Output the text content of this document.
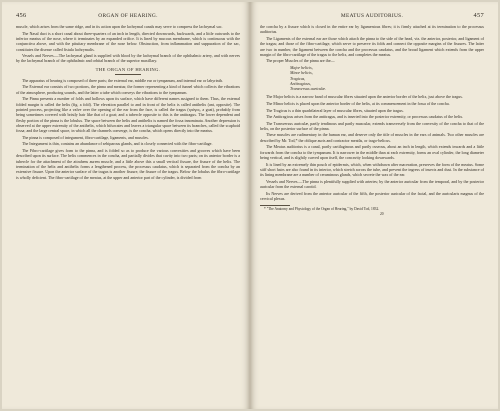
456	ORGAN OF HEARING.

muscle, which arises from the same ridge, and in its action upon the lachrymal canals may serve to compress the lachrymal sac.

The Nasal duct is a short canal about three-quarters of an inch in length, directed downwards, backwards, and a little outwards to the inferior meatus of the nose, where it terminates by an expanded orifice. It is lined by mucous membrane, which is continuous with the conjunctiva above, and with the pituitary membrane of the nose below. Obstruction, from inflammation and suppuration of the sac, constitutes the disease called fistula lachrymalis.

Vessels and Nerves.—The lachrymal gland is supplied with blood by the lachrymal branch of the ophthalmic artery, and with nerves by the lachrymal branch of the ophthalmic and orbital branch of the superior maxillary.

THE ORGAN OF HEARING.

The apparatus of hearing is composed of three parts; the external ear, middle ear or tympanum, and internal ear or labyrinth.

The External ear consists of two portions, the pinna and meatus; the former representing a kind of funnel which collects the vibrations of the atmosphere, producing sounds, and the latter a tube which conveys the vibrations to the tympanum.

The Pinna presents a number of folds and hollows upon its surface, which have different names assigned to them. Thus, the external folded margin is called the helix (fig. a fold). The elevation parallel to and in front of the helix is called antihelix (ant, opposite). The pointed process, projecting like a valve over the opening of the ear from the face, is called the tragus (τράγος, a goat), probably from being sometimes covered with bristly hair like that of a goat; and a tubercle opposite to this is the antitragus. The lower dependent and fleshy portion of the pinna is the lobulus. The space between the helix and antihelix is named the fossa innominata. Another depression is observed at the upper extremity of the antihelix, which bifurcates and leaves a triangular space between its branches, called the scaphoid fossa; and the large central space, in which all the channels converge, is the concha, which opens directly into the meatus.

The pinna is composed of integument, fibro-cartilage, ligaments, and muscles.

The Integument is thin, contains an abundance of sebiparous glands, and is closely connected with the fibro-cartilage.

The Fibro-cartilage gives form to the pinna, and is folded so as to produce the various convexities and grooves which have been described upon its surface. The helix commences in the concha, and partially divides that cavity into two parts; on its anterior border is a tubercle for the attachment of the attrahens aurem muscle, and a little above this a small vertical fissure, the fissure of the helix. The termination of the helix and antihelix forms a lengthened process, the processus caudatus, which is separated from the concha by an extensive fissure. Upon the anterior surface of the tragus is another fissure, the fissure of the tragus. Below the lobulus the fibro-cartilage is wholly deficient. The fibro-cartilage of the meatus, at the upper and anterior part of the cylinder, is divided from

MEATUS AUDITORIUS.	457

the concha by a fissure which is closed in the entire ear by ligamentous fibres; it is firmly attached at its termination to the processus auditorius.

The Ligaments of the external ear are those which attach the pinna to the side of the head, viz. the anterior, posterior, and ligament of the tragus; and those of the fibro-cartilage, which serve to preserve its folds and connect the opposite margins of the fissures. The latter are two in number, the ligament between the concha and the processus caudatus, and the broad ligament which extends from the upper margin of the fibro-cartilage of the tragus to the helix, and completes the meatus.

The proper Muscles of the pinna are the—

Major helicis,
Minor helicis,
Tragicus,
Antitragicus,
Transversus auriculæ.

The Major helicis is a narrow band of muscular fibres situated upon the anterior border of the helix, just above the tragus.

The Minor helicis is placed upon the anterior border of the helix, at its commencement in the fossa of the concha.

The Tragicus is a thin quadrilateral layer of muscular fibres, situated upon the tragus.

The Antitragicus arises from the antitragus, and is inserted into the posterior extremity, or processus caudatus of the helix.

The Transversus auriculæ, partly tendinous and partly muscular, extends transversely from the convexity of the concha to that of the helix, on the posterior surface of the pinna.

These muscles are rudimentary in the human ear, and deserve only the title of muscles in the ears of animals. Two other muscles are described by Mr. Tod,* the oblique auris and contractor meatûs, or trago-helicus.

The Meatus auditorius is a canal, partly cartilaginous and partly osseous, about an inch in length, which extends inwards and a little forwards from the concha to the tympanum. It is narrower in the middle than at each extremity, forms an oval cylinder, the long diameter being vertical, and is slightly curved upon itself, the concavity looking downwards.

It is lined by an extremely thin pouch of epidermis, which, when withdrawn after maceration, preserves the form of the meatus. Some stiff short hairs are also found in its interior, which stretch across the tube, and prevent the ingress of insects and dust. In the substance of its lining membrane are a number of ceruminous glands, which secrete the wax of the ear.

Vessels and Nerves.—The pinna is plentifully supplied with arteries; by the anterior auricular from the temporal, and by the posterior auricular from the external carotid.

Its Nerves are derived from the anterior auricular of the fifth, the posterior auricular of the facial, and the auricularis magnus of the cervical plexus.

* "The Anatomy and Physiology of the Organ of Hearing," by David Tod, 1832.
20
